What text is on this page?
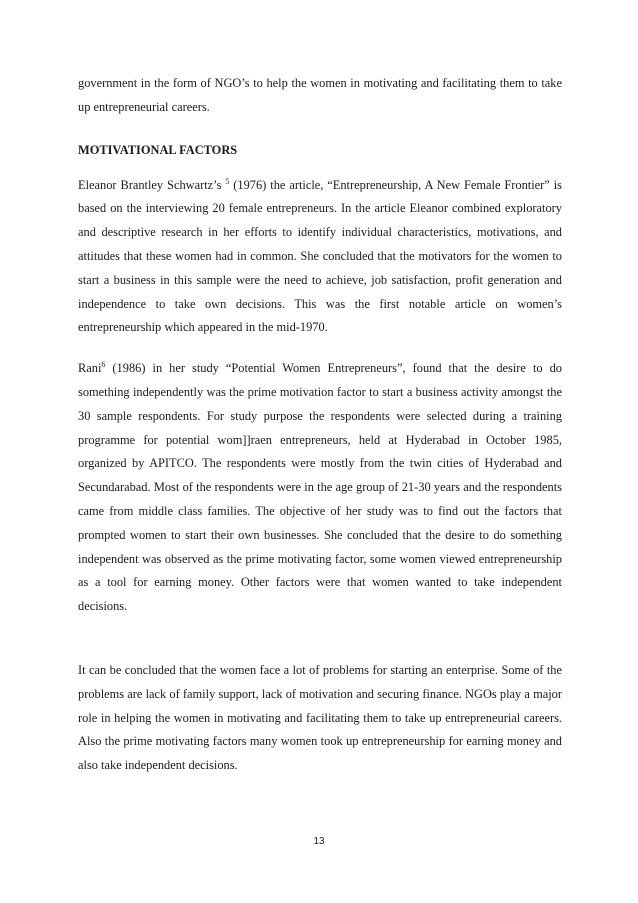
government in the form of NGO’s to help the women in motivating and facilitating them to take up entrepreneurial careers.

MOTIVATIONAL FACTORS

Eleanor Brantley Schwartz’s $^5$ (1976) the article, “Entrepreneurship, A New Female Frontier” is based on the interviewing 20 female entrepreneurs. In the article Eleanor combined exploratory and descriptive research in her efforts to identify individual characteristics, motivations, and attitudes that these women had in common. She concluded that the motivators for the women to start a business in this sample were the need to achieve, job satisfaction, profit generation and independence to take own decisions. This was the first notable article on women’s entrepreneurship which appeared in the mid-1970.

Rani$^6$ (1986) in her study “Potential Women Entrepreneurs”, found that the desire to do something independently was the prime motivation factor to start a business activity amongst the 30 sample respondents. For study purpose the respondents were selected during a training programme for potential wom]]raen entrepreneurs, held at Hyderabad in October 1985, organized by APITCO. The respondents were mostly from the twin cities of Hyderabad and Secundarabad. Most of the respondents were in the age group of 21-30 years and the respondents came from middle class families. The objective of her study was to find out the factors that prompted women to start their own businesses. She concluded that the desire to do something independent was observed as the prime motivating factor, some women viewed entrepreneurship as a tool for earning money. Other factors were that women wanted to take independent decisions.

It can be concluded that the women face a lot of problems for starting an enterprise. Some of the problems are lack of family support, lack of motivation and securing finance. NGOs play a major role in helping the women in motivating and facilitating them to take up entrepreneurial careers. Also the prime motivating factors many women took up entrepreneurship for earning money and also take independent decisions.

13
